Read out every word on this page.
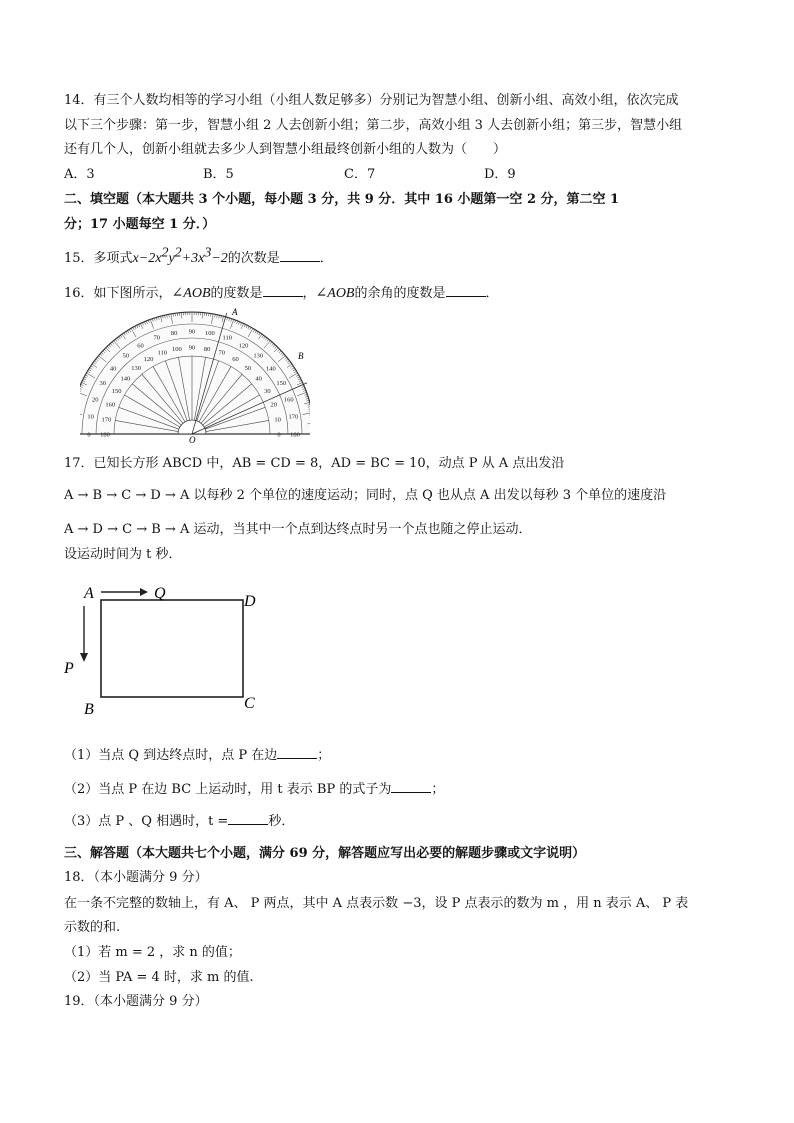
14．有三个人数均相等的学习小组（小组人数足够多）分别记为智慧小组、创新小组、高效小组，依次完成
以下三个步骤：第一步，智慧小组 2 人去创新小组；第二步，高效小组 3 人去创新小组；第三步，智慧小组
还有几个人，创新小组就去多少人到智慧小组最终创新小组的人数为（　　）
A．3	B．5	C．7	D．9
二、填空题（本大题共 3 个小题，每小题 3 分，共 9 分．其中 16 小题第一空 2 分，第二空 1
分；17 小题每空 1 分．）
15．多项式$x-2x^2y^2+3x^3-2$的次数是	．
16．如下图所示，∠AOB的度数是	，∠AOB的余角的度数是	．
A
B
O
0
10
20
30
40
50
60
70
80 90 100
110
120
130
140
150
160
170
180
180
170
160
150
140
130
120
110
100 90 80
70
60
50
40
30
20
10
0
17．已知长方形 ABCD 中，AB = CD = 8，AD = BC = 10，动点 P 从 A 点出发沿
A → B → C → D → A 以每秒 2 个单位的速度运动；同时，点 Q 也从点 A 出发以每秒 3 个单位的速度沿
A → D → C → B → A 运动，当其中一个点到达终点时另一个点也随之停止运动．
设运动时间为 t 秒．
A	Q	D
P
B	C
（1）当点 Q 到达终点时，点 P 在边	；
（2）当点 P 在边 BC 上运动时，用 t 表示 BP 的式子为	；
（3）点 P 、Q 相遇时，t =	秒．
三、解答题（本大题共七个小题，满分 69 分，解答题应写出必要的解题步骤或文字说明）
18．（本小题满分 9 分）
在一条不完整的数轴上，有 A、 P 两点，其中 A 点表示数 −3，设 P 点表示的数为 m ，用 n 表示 A、 P 表
示数的和.
（1）若 m = 2 ，求 n 的值；
（2）当 PA = 4 时，求 m 的值.
19．（本小题满分 9 分）
